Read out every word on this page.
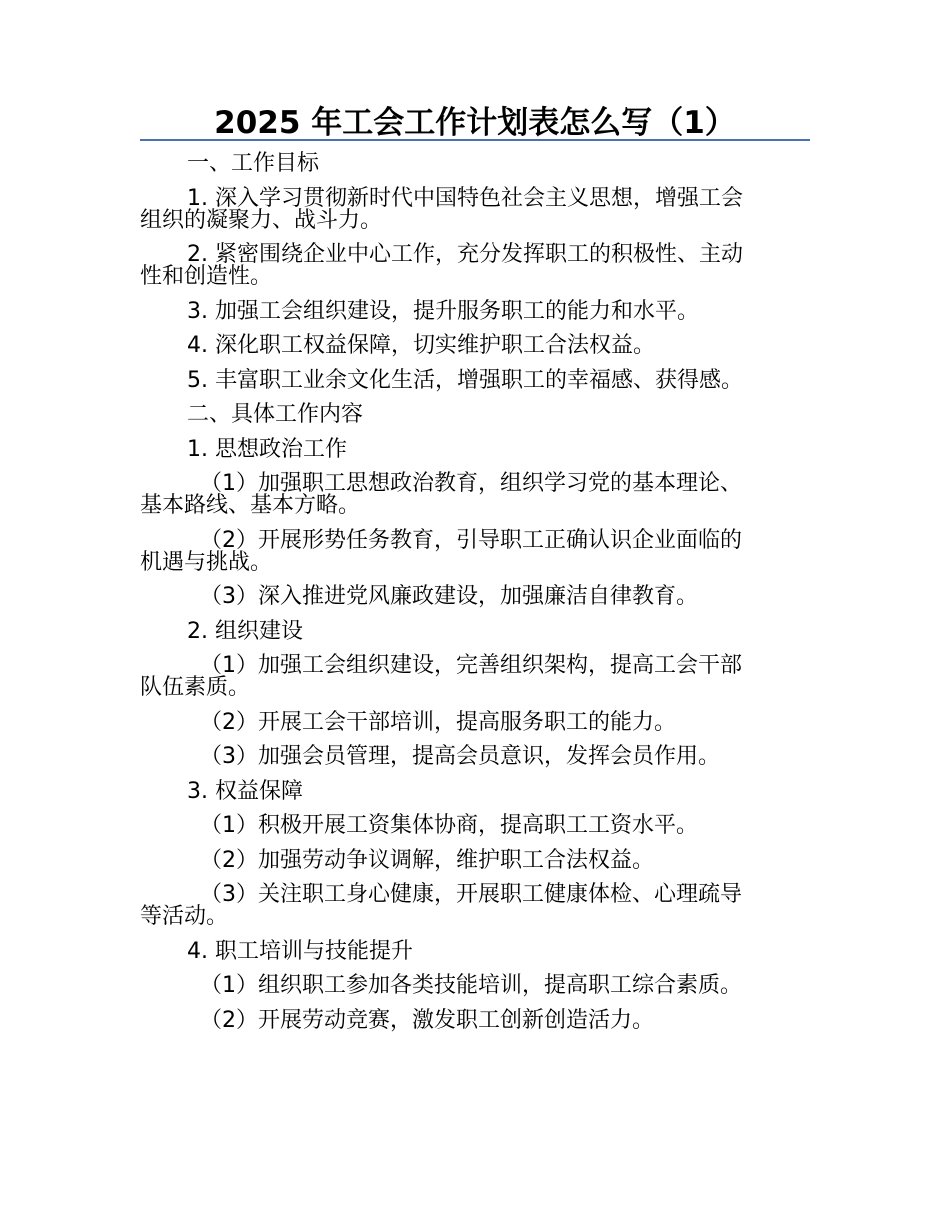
2025 年工会工作计划表怎么写（1）

一、工作目标

1. 深入学习贯彻新时代中国特色社会主义思想，增强工会

组织的凝聚力、战斗力。

2. 紧密围绕企业中心工作，充分发挥职工的积极性、主动

性和创造性。

3. 加强工会组织建设，提升服务职工的能力和水平。

4. 深化职工权益保障，切实维护职工合法权益。

5. 丰富职工业余文化生活，增强职工的幸福感、获得感。

二、具体工作内容

1. 思想政治工作

（1）加强职工思想政治教育，组织学习党的基本理论、

基本路线、基本方略。

（2）开展形势任务教育，引导职工正确认识企业面临的

机遇与挑战。

（3）深入推进党风廉政建设，加强廉洁自律教育。

2. 组织建设

（1）加强工会组织建设，完善组织架构，提高工会干部

队伍素质。

（2）开展工会干部培训，提高服务职工的能力。

（3）加强会员管理，提高会员意识，发挥会员作用。

3. 权益保障

（1）积极开展工资集体协商，提高职工工资水平。

（2）加强劳动争议调解，维护职工合法权益。

（3）关注职工身心健康，开展职工健康体检、心理疏导

等活动。

4. 职工培训与技能提升

（1）组织职工参加各类技能培训，提高职工综合素质。

（2）开展劳动竞赛，激发职工创新创造活力。
